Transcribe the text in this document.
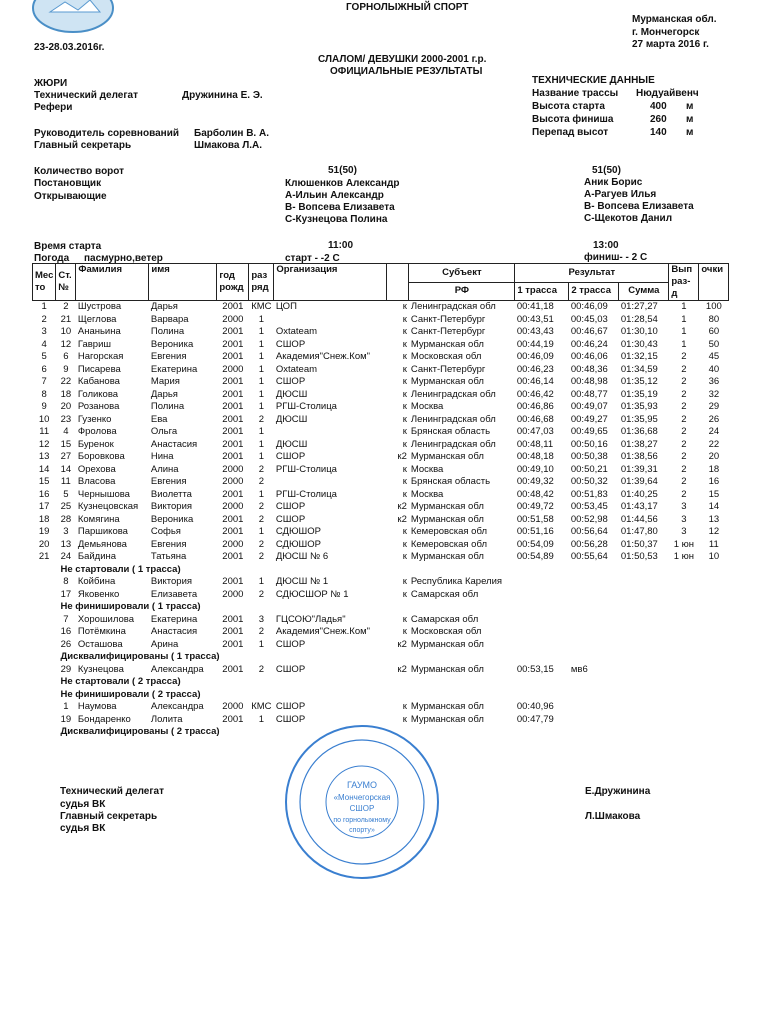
ГОРНОЛЫЖНЫЙ СПОРТ
Мурманская обл.
г. Мончегорск
27 марта 2016 г.
23-28.03.2016г.
СЛАЛОМ/ ДЕВУШКИ 2000-2001 г.р.
ОФИЦИАЛЬНЫЕ РЕЗУЛЬТАТЫ
ЖЮРИ
Технический делегат	Дружинина Е. Э.
Рефери
Руководитель соревнований Барболин В. А.
Главный секретарь	Шмакова Л.А.
ТЕХНИЧЕСКИЕ ДАННЫЕ
Название трассы Нюдуайвенч
Высота старта	400 м
Высота финиша	260 м
Перепад высот	140 м
Количество ворот
Постановщик
Открывающие
51(50)
Клюшенков Александр
А-Ильин Александр
В- Вопсева Елизавета
С-Кузнецова Полина
51(50)
Аник Борис
А-Рагуев Илья
В- Вопсева Елизавета
С-Щекотов Данил
Время старта	11:00	13:00
Погода пасмурно,ветер	старт - -2 С	финиш- - 2 С
Мес то	Ст. №	Фамилия	имя	год рожд	раз ряд	Организация		Субъект	Результат			Вып раз-д	очки
								РФ	1 трасса	2 трасса	Сумма		
1	2	Шустрова	Дарья	2001	КМС	ЦОП	к	Ленинградская обл	00:41,18	00:46,09	01:27,27	1	100
2	21	Щеглова	Варвара	2000	1		к	Санкт-Петербург	00:43,51	00:45,03	01:28,54	1	80
3	10	Ананьина	Полина	2001	1	Oxtateam	к	Санкт-Петербург	00:43,43	00:46,67	01:30,10	1	60
4	12	Гавриш	Вероника	2001	1	СШОР	к	Мурманская обл	00:44,19	00:46,24	01:30,43	1	50
5	6	Нагорская	Евгения	2001	1	Академия"Снеж.Ком"	к	Московская обл	00:46,09	00:46,06	01:32,15	2	45
6	9	Писарева	Екатерина	2000	1	Oxtateam	к	Санкт-Петербург	00:46,23	00:48,36	01:34,59	2	40
7	22	Кабанова	Мария	2001	1	СШОР	к	Мурманская обл	00:46,14	00:48,98	01:35,12	2	36
8	18	Голикова	Дарья	2001	1	ДЮСШ	к	Ленинградская обл	00:46,42	00:48,77	01:35,19	2	32
9	20	Розанова	Полина	2001	1	РГШ-Столица	к	Москва	00:46,86	00:49,07	01:35,93	2	29
10	23	Гузенко	Ева	2001	2	ДЮСШ	к	Ленинградская обл	00:46,68	00:49,27	01:35,95	2	26
11	4	Фролова	Ольга	2001	1		к	Брянская область	00:47,03	00:49,65	01:36,68	2	24
12	15	Буренок	Анастасия	2001	1	ДЮСШ	к	Ленинградская обл	00:48,11	00:50,16	01:38,27	2	22
13	27	Боровкова	Нина	2001	1	СШОР	к2	Мурманская обл	00:48,18	00:50,38	01:38,56	2	20
14	14	Орехова	Алина	2000	2	РГШ-Столица	к	Москва	00:49,10	00:50,21	01:39,31	2	18
15	11	Власова	Евгения	2000	2		к	Брянская область	00:49,32	00:50,32	01:39,64	2	16
16	5	Чернышова	Виолетта	2001	1	РГШ-Столица	к	Москва	00:48,42	00:51,83	01:40,25	2	15
17	25	Кузнецовская	Виктория	2000	2	СШОР	к2	Мурманская обл	00:49,72	00:53,45	01:43,17	3	14
18	28	Комягина	Вероника	2001	2	СШОР	к2	Мурманская обл	00:51,58	00:52,98	01:44,56	3	13
19	3	Паршикова	Софья	2001	1	СДЮШОР	к	Кемеровская обл	00:51,16	00:56,64	01:47,80	3	12
20	13	Демьянова	Евгения	2000	2	СДЮШОР	к	Кемеровская обл	00:54,09	00:56,28	01:50,37	1 юн	11
21	24	Байдина	Татьяна	2001	2	ДЮСШ № 6	к	Мурманская обл	00:54,89	00:55,64	01:50,53	1 юн	10
Не стартовали ( 1 трасса)													
	8	Койбина	Виктория	2001	1	ДЮСШ № 1	к	Республика Карелия					
	17	Яковенко	Елизавета	2000	2	СДЮСШОР № 1	к	Самарская обл					
Не финишировали ( 1 трасса)													
	7	Хорошилова	Екатерина	2001	3	ГЦСОЮ"Ладья"	к	Самарская обл					
	16	Потёмкина	Анастасия	2001	2	Академия"Снеж.Ком"	к	Московская обл					
	26	Осташова	Арина	2001	1	СШОР	к2	Мурманская обл					
Дисквалифицированы ( 1 трасса)													
	29	Кузнецова	Александра	2001	2	СШОР	к2	Мурманская обл	00:53,15	мв6			
Не стартовали ( 2 трасса)													
Не финишировали ( 2 трасса)													
	1	Наумова	Александра	2000	КМС	СШОР	к	Мурманская обл	00:40,96				
	19	Бондаренко	Лолита	2001	1	СШОР	к	Мурманская обл	00:47,79				
Дисквалифицированы ( 2 трасса)													
Технический делегат
судья ВК
Главный секретарь
судья ВК
Е.Дружинина
Л.Шмакова
ГАУМО
«Мончегорская
СШОР
по горнолыжному
спорту»
